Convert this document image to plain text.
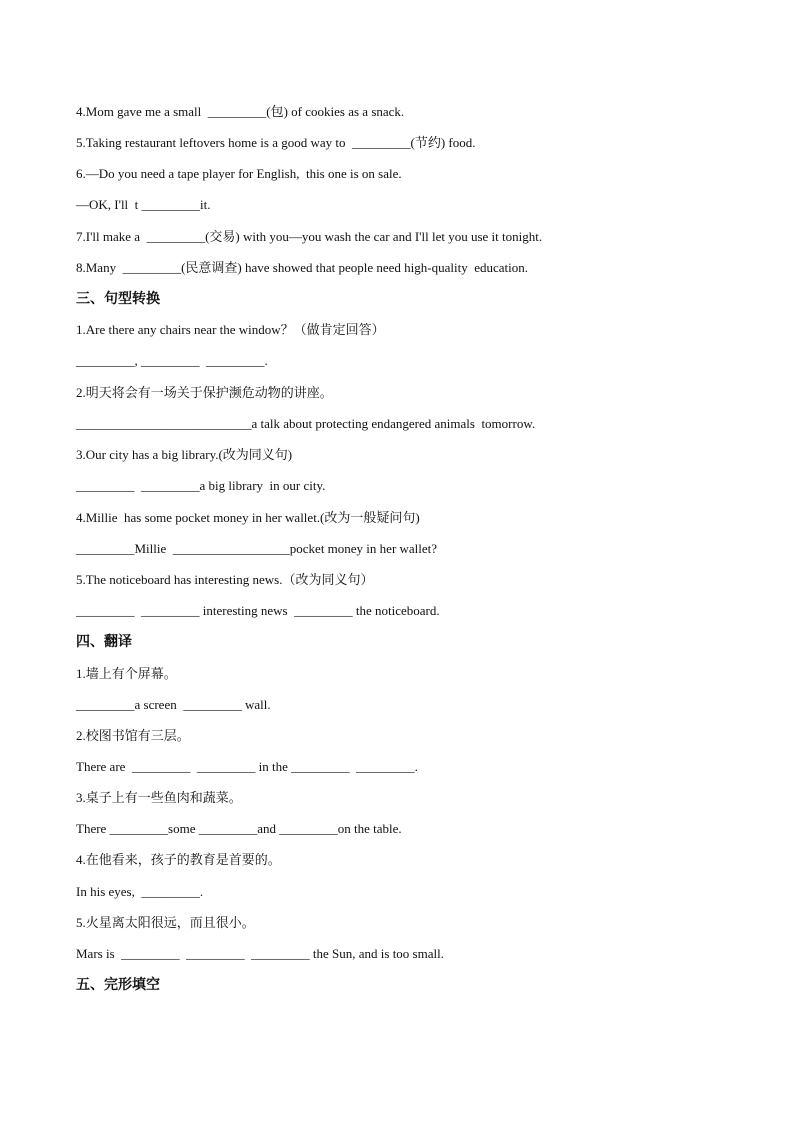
4.Mom gave me a small  _________(包) of cookies as a snack.
5.Taking restaurant leftovers home is a good way to  _________(节约) food.
6.—Do you need a tape player for English,  this one is on sale.
—OK, I'll  t _________it.
7.I'll make a  _________(交易) with you—you wash the car and I'll let you use it tonight.
8.Many  _________(民意调查) have showed that people need high-quality  education.
三、句型转换
1.Are there any chairs near the window？（做肯定回答）
_________, _________  _________.
2.明天将会有一场关于保护濒危动物的讲座。
___________________________a talk about protecting endangered animals  tomorrow.
3.Our city has a big library.(改为同义句)
_________  _________a big library  in our city.
4.Millie  has some pocket money in her wallet.(改为一般疑问句)
_________Millie  __________________pocket money in her wallet?
5.The noticeboard has interesting news.（改为同义句）
_________  _________ interesting news  _________ the noticeboard.
四、翻译
1.墙上有个屏幕。
_________a screen  _________ wall.
2.校图书馆有三层。
There are  _________  _________ in the _________  _________.
3.桌子上有一些鱼肉和蔬菜。
There _________some _________and _________on the table.
4.在他看来，孩子的教育是首要的。
In his eyes,  _________.
5.火星离太阳很远，而且很小。
Mars is  _________  _________  _________ the Sun, and is too small.
五、完形填空
